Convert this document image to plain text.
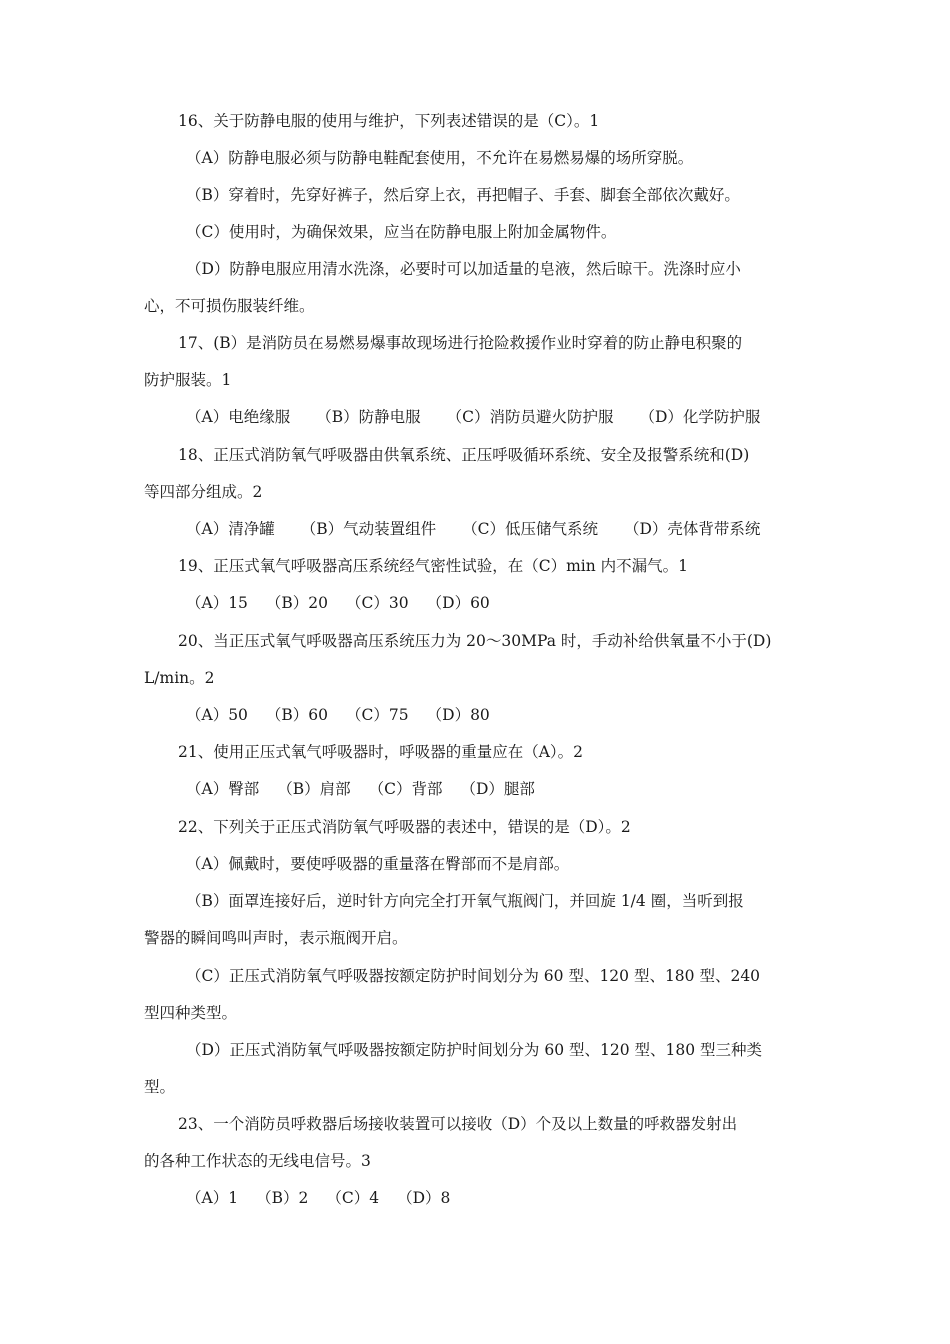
16、关于防静电服的使用与维护，下列表述错误的是（C）。1
（A）防静电服必须与防静电鞋配套使用，不允许在易燃易爆的场所穿脱。
（B）穿着时，先穿好裤子，然后穿上衣，再把帽子、手套、脚套全部依次戴好。
（C）使用时，为确保效果，应当在防静电服上附加金属物件。
（D）防静电服应用清水洗涤，必要时可以加适量的皂液，然后晾干。洗涤时应小
心，不可损伤服装纤维。
17、(B）是消防员在易燃易爆事故现场进行抢险救援作业时穿着的防止静电积聚的
防护服装。1
（A）电绝缘服 （B）防静电服 （C）消防员避火防护服 （D）化学防护服
18、正压式消防氧气呼吸器由供氧系统、正压呼吸循环系统、安全及报警系统和(D)
等四部分组成。2
（A）清净罐 （B）气动装置组件 （C）低压储气系统 （D）壳体背带系统
19、正压式氧气呼吸器高压系统经气密性试验，在（C）min 内不漏气。1
（A）15 （B）20 （C）30 （D）60
20、当正压式氧气呼吸器高压系统压力为 20～30MPa 时，手动补给供氧量不小于(D)
L/min。2
（A）50 （B）60 （C）75 （D）80
21、使用正压式氧气呼吸器时，呼吸器的重量应在（A）。2
（A）臀部 （B）肩部 （C）背部 （D）腿部
22、下列关于正压式消防氧气呼吸器的表述中，错误的是（D）。2
（A）佩戴时，要使呼吸器的重量落在臀部而不是肩部。
（B）面罩连接好后，逆时针方向完全打开氧气瓶阀门，并回旋 1/4 圈，当听到报
警器的瞬间鸣叫声时，表示瓶阀开启。
（C）正压式消防氧气呼吸器按额定防护时间划分为 60 型、120 型、180 型、240
型四种类型。
（D）正压式消防氧气呼吸器按额定防护时间划分为 60 型、120 型、180 型三种类
型。
23、一个消防员呼救器后场接收装置可以接收（D）个及以上数量的呼救器发射出
的各种工作状态的无线电信号。3
（A）1 （B）2 （C）4 （D）8
